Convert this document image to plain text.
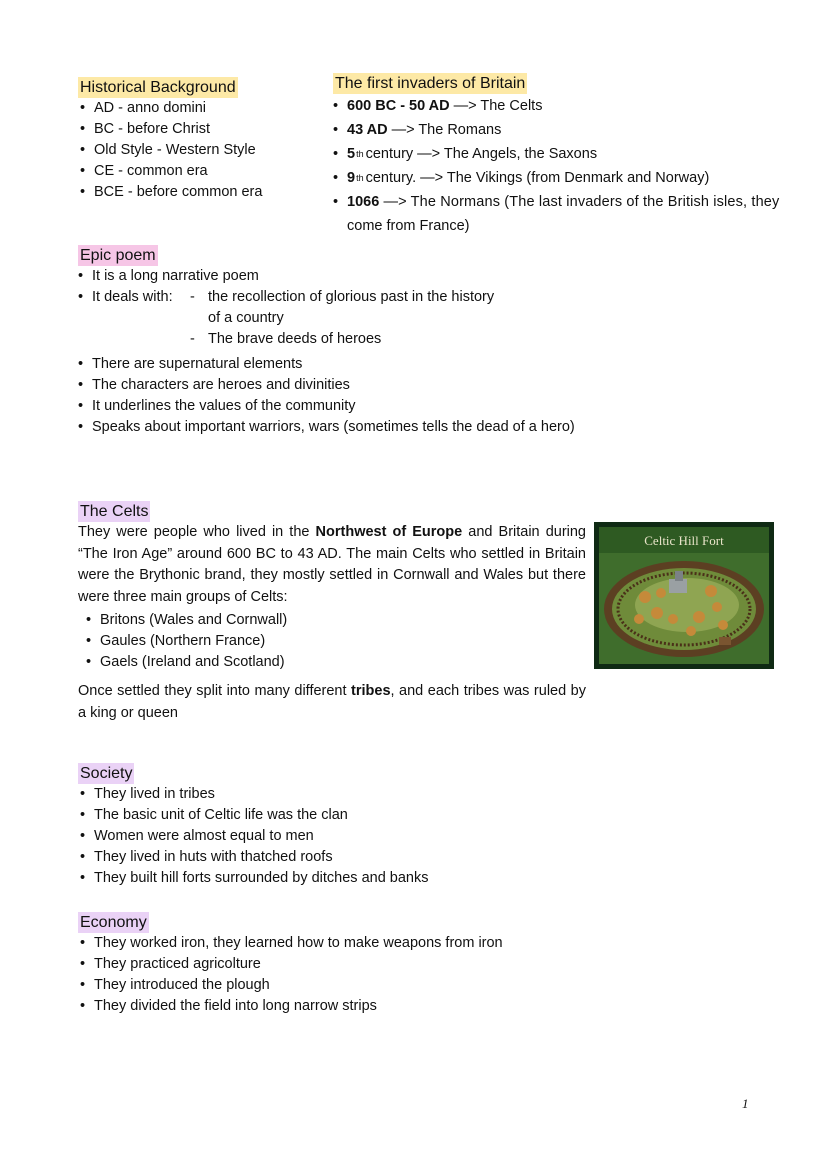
Historical Background
• AD - anno domini
• BC - before Christ
• Old Style - Western Style
• CE - common era
• BCE - before common era
The first invaders of Britain
• 600 BC - 50 AD —> The Celts
• 43 AD —> The Romans
• 5th century —> The Angels, the Saxons
• 9th century. —> The Vikings (from Denmark and Norway)
• 1066 —> The Normans (The last invaders of the British isles, they
come from France)
Epic poem
• It is a long narrative poem
• It deals with:	- the recollection of glorious past in the history
of a country
- The brave deeds of heroes
• There are supernatural elements
• The characters are heroes and divinities
• It underlines the values of the community
• Speaks about important warriors, wars (sometimes tells the dead of a hero)
The Celts
They were people who lived in the Northwest of Europe and Britain during “The Iron Age” around 600 BC to 43 AD. The main Celts who settled in Britain were the Brythonic brand, they mostly settled in Cornwall and Wales but there were three main groups of Celts:
• Britons (Wales and Cornwall)
• Gaules (Northern France)
• Gaels (Ireland and Scotland)
Once settled they split into many different tribes, and each tribes was ruled by a king or queen
Celtic Hill Fort
Society
• They lived in tribes
• The basic unit of Celtic life was the clan
• Women were almost equal to men
• They lived in huts with thatched roofs
• They built hill forts surrounded by ditches and banks
Economy
• They worked iron, they learned how to make weapons from iron
• They practiced agricolture
• They introduced the plough
• They divided the field into long narrow strips
1
